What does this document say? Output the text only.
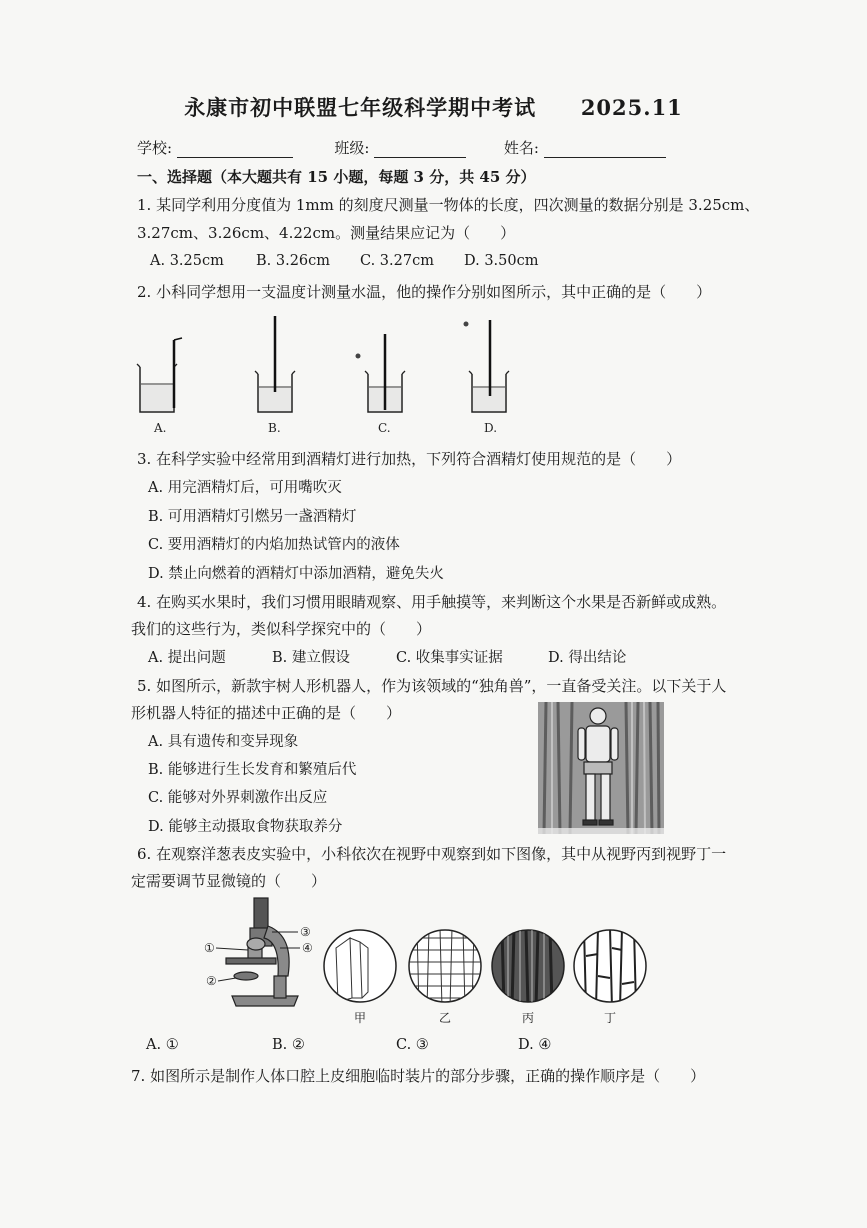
永康市初中联盟七年级科学期中考试 2025.11
学校:	班级:	姓名:
一、选择题（本大题共有 15 小题，每题 3 分，共 45 分）
1. 某同学利用分度值为 1mm 的刻度尺测量一物体的长度，四次测量的数据分别是 3.25cm、
3.27cm、3.26cm、4.22cm。测量结果应记为（　　）
A. 3.25cm B. 3.26cm C. 3.27cm D. 3.50cm
2. 小科同学想用一支温度计测量水温，他的操作分别如图所示，其中正确的是（　　）
A.	B.	C.	D.
3. 在科学实验中经常用到酒精灯进行加热，下列符合酒精灯使用规范的是（　　）
A. 用完酒精灯后，可用嘴吹灭
B. 可用酒精灯引燃另一盏酒精灯
C. 要用酒精灯的内焰加热试管内的液体
D. 禁止向燃着的酒精灯中添加酒精，避免失火
4. 在购买水果时，我们习惯用眼睛观察、用手触摸等，来判断这个水果是否新鲜或成熟。
我们的这些行为，类似科学探究中的（　　）
A. 提出问题	B. 建立假设	C. 收集事实证据	D. 得出结论
5. 如图所示，新款宇树人形机器人，作为该领域的“独角兽”，一直备受关注。以下关于人
形机器人特征的描述中正确的是（　　）
A. 具有遗传和变异现象
B. 能够进行生长发育和繁殖后代
C. 能够对外界刺激作出反应
D. 能够主动摄取食物获取养分
6. 在观察洋葱表皮实验中，小科依次在视野中观察到如下图像，其中从视野丙到视野丁一
定需要调节显微镜的（　　）
①
②
③
④
甲	乙	丙	丁
A. ①	B. ②	C. ③	D. ④
7. 如图所示是制作人体口腔上皮细胞临时装片的部分步骤，正确的操作顺序是（　　）
